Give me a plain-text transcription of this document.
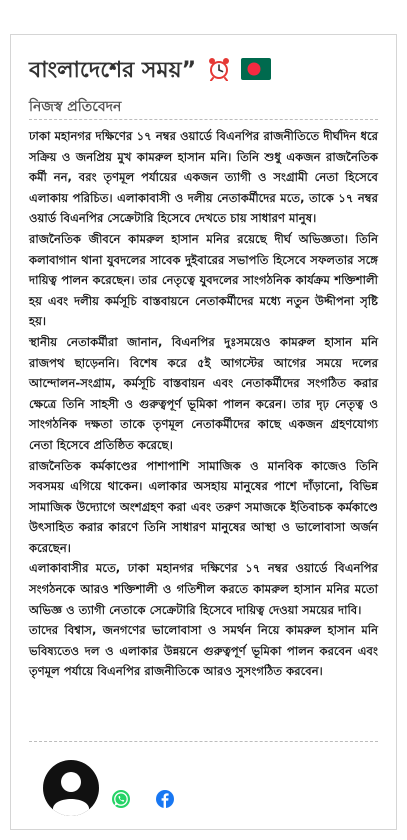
বাংলাদেশের সময়”
নিজস্ব প্রতিবেদন

ঢাকা মহানগর দক্ষিণের ১৭ নম্বর ওয়ার্ডে বিএনপির রাজনীতিতে দীর্ঘদিন ধরে সক্রিয় ও জনপ্রিয় মুখ কামরুল হাসান মনি। তিনি শুধু একজন রাজনৈতিক কর্মী নন, বরং তৃণমূল পর্যায়ের একজন ত্যাগী ও সংগ্রামী নেতা হিসেবে এলাকায় পরিচিত। এলাকাবাসী ও দলীয় নেতাকর্মীদের মতে, তাকে ১৭ নম্বর ওয়ার্ড বিএনপির সেক্রেটারি হিসেবে দেখতে চায় সাধারণ মানুষ।

রাজনৈতিক জীবনে কামরুল হাসান মনির রয়েছে দীর্ঘ অভিজ্ঞতা। তিনি কলাবাগান থানা যুবদলের সাবেক দুইবারের সভাপতি হিসেবে সফলতার সঙ্গে দায়িত্ব পালন করেছেন। তার নেতৃত্বে যুবদলের সাংগঠনিক কার্যক্রম শক্তিশালী হয় এবং দলীয় কর্মসূচি বাস্তবায়নে নেতাকর্মীদের মধ্যে নতুন উদ্দীপনা সৃষ্টি হয়।

স্থানীয় নেতাকর্মীরা জানান, বিএনপির দুঃসময়েও কামরুল হাসান মনি রাজপথ ছাড়েননি। বিশেষ করে ৫ই আগস্টের আগের সময়ে দলের আন্দোলন-সংগ্রাম, কর্মসূচি বাস্তবায়ন এবং নেতাকর্মীদের সংগঠিত করার ক্ষেত্রে তিনি সাহসী ও গুরুত্বপূর্ণ ভূমিকা পালন করেন। তার দৃঢ় নেতৃত্ব ও সাংগঠনিক দক্ষতা তাকে তৃণমূল নেতাকর্মীদের কাছে একজন গ্রহণযোগ্য নেতা হিসেবে প্রতিষ্ঠিত করেছে।

রাজনৈতিক কর্মকাণ্ডের পাশাপাশি সামাজিক ও মানবিক কাজেও তিনি সবসময় এগিয়ে থাকেন। এলাকার অসহায় মানুষের পাশে দাঁড়ানো, বিভিন্ন সামাজিক উদ্যোগে অংশগ্রহণ করা এবং তরুণ সমাজকে ইতিবাচক কর্মকাণ্ডে উৎসাহিত করার কারণে তিনি সাধারণ মানুষের আস্থা ও ভালোবাসা অর্জন করেছেন।

এলাকাবাসীর মতে, ঢাকা মহানগর দক্ষিণের ১৭ নম্বর ওয়ার্ডে বিএনপির সংগঠনকে আরও শক্তিশালী ও গতিশীল করতে কামরুল হাসান মনির মতো অভিজ্ঞ ও ত্যাগী নেতাকে সেক্রেটারি হিসেবে দায়িত্ব দেওয়া সময়ের দাবি।

তাদের বিশ্বাস, জনগণের ভালোবাসা ও সমর্থন নিয়ে কামরুল হাসান মনি ভবিষ্যতেও দল ও এলাকার উন্নয়নে গুরুত্বপূর্ণ ভূমিকা পালন করবেন এবং তৃণমূল পর্যায়ে বিএনপির রাজনীতিকে আরও সুসংগঠিত করবেন।
